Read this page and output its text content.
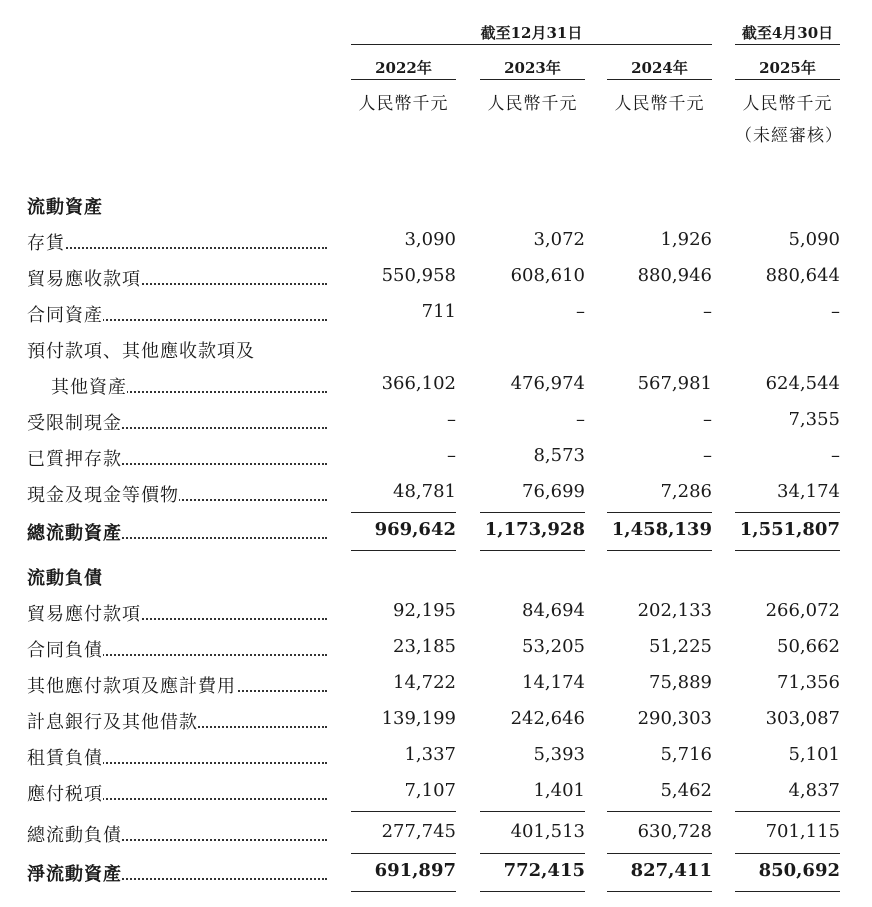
截至12月31日	截至4月30日
2022年	2023年	2024年	2025年
人民幣千元	人民幣千元	人民幣千元	人民幣千元
（未經審核）
流動資產
存貨	3,090	3,072	1,926	5,090
貿易應收款項	550,958	608,610	880,946	880,644
合同資產	711	–	–	–
預付款項、其他應收款項及
其他資產	366,102	476,974	567,981	624,544
受限制現金	–	–	–	7,355
已質押存款	–	8,573	–	–
現金及現金等價物	48,781	76,699	7,286	34,174
總流動資產	969,642 1,173,928 1,458,139 1,551,807
流動負債
貿易應付款項	92,195	84,694	202,133	266,072
合同負債	23,185	53,205	51,225	50,662
其他應付款項及應計費用	14,722	14,174	75,889	71,356
計息銀行及其他借款	139,199	242,646	290,303	303,087
租賃負債	1,337	5,393	5,716	5,101
應付税項	7,107	1,401	5,462	4,837
總流動負債	277,745	401,513	630,728	701,115
淨流動資產	691,897	772,415	827,411	850,692
